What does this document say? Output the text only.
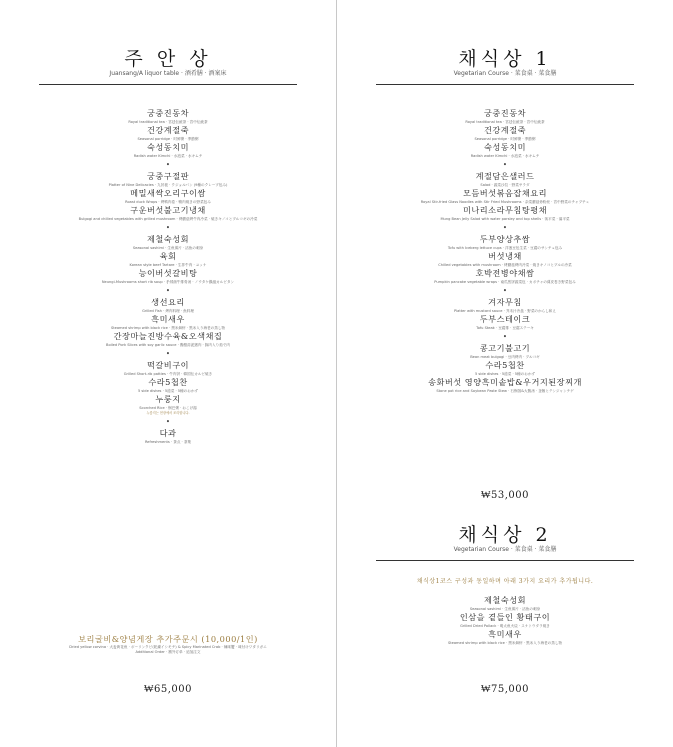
주 안 상
Juansang/A liquor table · 酒肴膳 · 酒案床
궁중진동차
Royal traditional tea · 宮廷伝統茶 · 宮中伝統茶
건강계절죽
Seasonal porridge · 时鲜粥 · 季節粥
숙성동치미
Radish water Kimchi · 水泡菜 · 水キムチ
•
궁중구절판
Platter of Nine Delicacies · 九折板 · クジョルパン (9種のクレープ包み)
메밀새싹오리구이쌈
Roast duck Wraps · 烤鸭肉卷 · 鴨肉焼きの野菜包み
구운버섯불고기냉채
Bulgogi and chilled vegetables with grilled mushroom · 烤蘑菇烤牛肉冷菜 · 焼きキノコとプルコギの冷菜
•
제철숙성회
Seasonal sashimi · 生鱼薄片 · 活魚の刺身
육회
Korean style beef Tartare · 生拌牛肉 · ユッケ
능이버섯갈비탕
Neungi-Mushrooms short rib soup · 矛绒菌牛排骨汤 · ノウタケ鍋風カルビタン
•
생선요리
Grilled Fish · 烤肉料理 · 魚料理
흑미새우
Steamed shrimp with black rice · 黑米焖虾 · 黒米入り海老の蒸し物
간장마늘진방수육&오색채집
Boiled Pork Slices with soy garlic sauce · 酱醋蒜泥猪肉 · 豚肉入り茹で肉
•
떡갈비구이
Grilled Short-rib patties · 牛肉饼 · 韓国伝カルビ焼き
수라5첩찬
5 side dishes · 5道菜 · 5種のおかず
누룽지
Scorched Rice · 锅巴粥 · おこげ湯
누룽지는 현장에서 조리합니다.
•
다과
Refreshments · 茶点 · 茶菓
보리굴비&양념게장 추가주문시 (10,000/1인)
Dried yellow corvina · 大麦黄花鱼 · ボーリンクビ(乾燥イシモチ) & Spicy Marinated Crab · 辣味蟹 · 味付けワタリガニ
Additional Order · 额外订单 · 追加注文
₩65,000
채식상 1
Vegetarian Course · 菜食桌 · 菜食膳
궁중진동차
Royal traditional tea · 宮廷伝統茶 · 宮中伝統茶
건강계절죽
Seasonal porridge · 时鲜粥 · 季節粥
숙성동치미
Radish water Kimchi · 水泡菜 · 水キムチ
•
계절담은샐러드
Salad · 蔬菜沙拉 · 野菜サラダ
모듬버섯볶음잡채요리
Royal Stir-fried Glass Noodles with Stir Fried Mushrooms · 杂菜蘑菇炒粉丝 · 宮中野菜のチャプチェ
미나리소라무침탕평채
Mung Bean Jelly Salad with water parsley and top shells · 荡平菜 · 蕩平菜
•
두부양상추쌈
Tofu with Iceberg lettuce cups · 洋葱豆包生菜 · 豆腐のサンチュ包み
버섯냉채
Chilled vegetables with mushroom · 烤蘑菇烤肉冷菜 · 焼きキノコとプルの冷菜
호박전병야채쌈
Pumpkin pancake vegetable wraps · 南瓜煎饼蔬菜包 · カボチャの薄皮巻き野菜包み
•
겨자무침
Platter with mustard sauce · 芥末汁冷盘 · 野菜のからし和え
두부스테이크
Tofu Steak · 豆腐排 · 豆腐ステーキ
•
콩고기불고기
Bean meat bulgogi · 豆肉烤肉 · プルコギ
수라5첩찬
5 side dishes · 5道菜 · 5種のおかず
송화버섯 영양흑미솥밥&우거지된장찌개
Stone pot rice and Soybean Paste Stew · 石锅饭&大酱汤 · 釜飯とテンジャンチゲ
₩53,000
채식상 2
Vegetarian Course · 菜食桌 · 菜食膳
채식상1코스 구성과 동일하며 아래 3가지 요리가 추가됩니다.
제철숙성회
Seasonal sashimi · 生鱼薄片 · 活魚の刺身
인삼을 곁들인 황태구이
Grilled Dried Pollack · 明太鱼火烧 · スケトウダラ焼き
흑미새우
Steamed shrimp with black rice · 黑米焖虾 · 黒米入り海老の蒸し物
₩75,000
